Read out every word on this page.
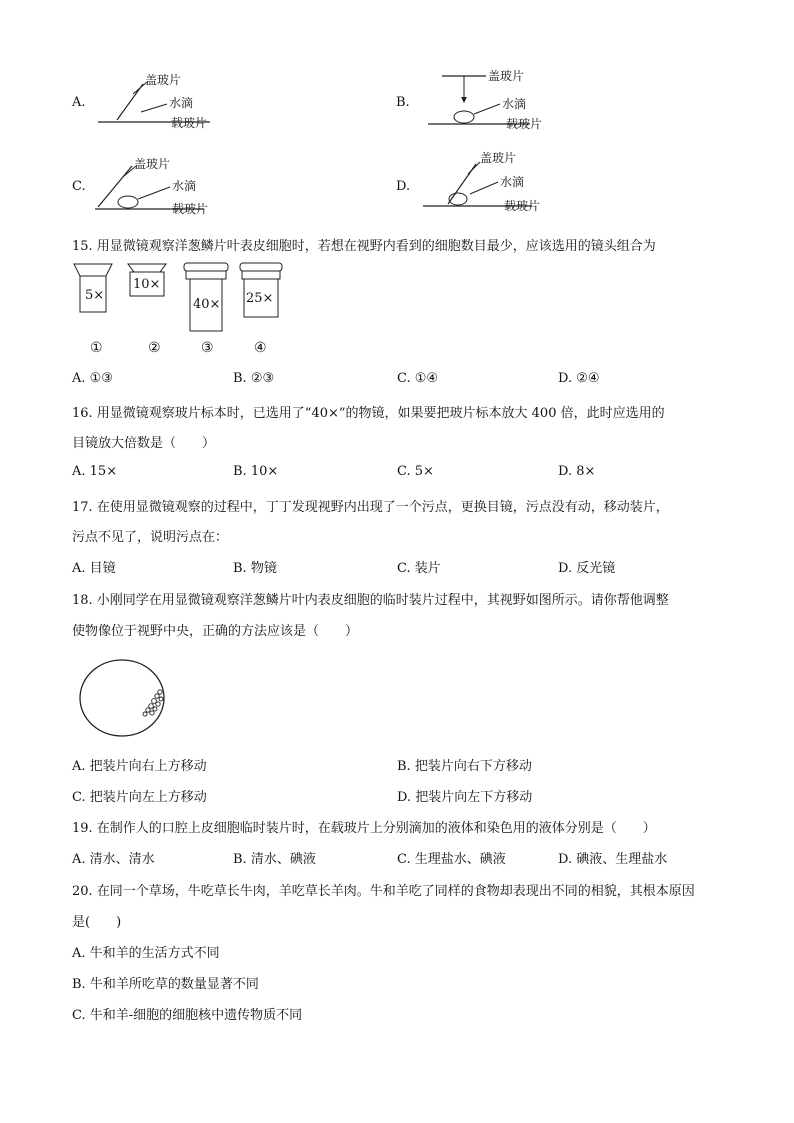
A.
盖玻片
水滴
载玻片
B.
盖玻片
水滴
载玻片
C.
盖玻片
水滴
载玻片
D.
盖玻片
水滴
载玻片
15. 用显微镜观察洋葱鳞片叶表皮细胞时，若想在视野内看到的细胞数目最少，应该选用的镜头组合为
5×
①
10×
②
40×
③
25×
④
A. ①③	B. ②③	C. ①④	D. ②④
16. 用显微镜观察玻片标本时，已选用了“40×”的物镜，如果要把玻片标本放大 400 倍，此时应选用的
目镜放大倍数是（　　）
A. 15×	B. 10×	C. 5×	D. 8×
17. 在使用显微镜观察的过程中，丁丁发现视野内出现了一个污点，更换目镜，污点没有动，移动装片，
污点不见了，说明污点在：
A. 目镜	B. 物镜	C. 装片	D. 反光镜
18. 小刚同学在用显微镜观察洋葱鳞片叶内表皮细胞的临时装片过程中，其视野如图所示。请你帮他调整
使物像位于视野中央，正确的方法应该是（　　）
A. 把装片向右上方移动	B. 把装片向右下方移动
C. 把装片向左上方移动	D. 把装片向左下方移动
19. 在制作人的口腔上皮细胞临时装片时，在载玻片上分别滴加的液体和染色用的液体分别是（　　）
A. 清水、清水	B. 清水、碘液	C. 生理盐水、碘液	D. 碘液、生理盐水
20. 在同一个草场，牛吃草长牛肉，羊吃草长羊肉。牛和羊吃了同样的食物却表现出不同的相貌，其根本原因
是(　　)
A. 牛和羊的生活方式不同
B. 牛和羊所吃草的数量显著不同
C. 牛和羊-细胞的细胞核中遗传物质不同
